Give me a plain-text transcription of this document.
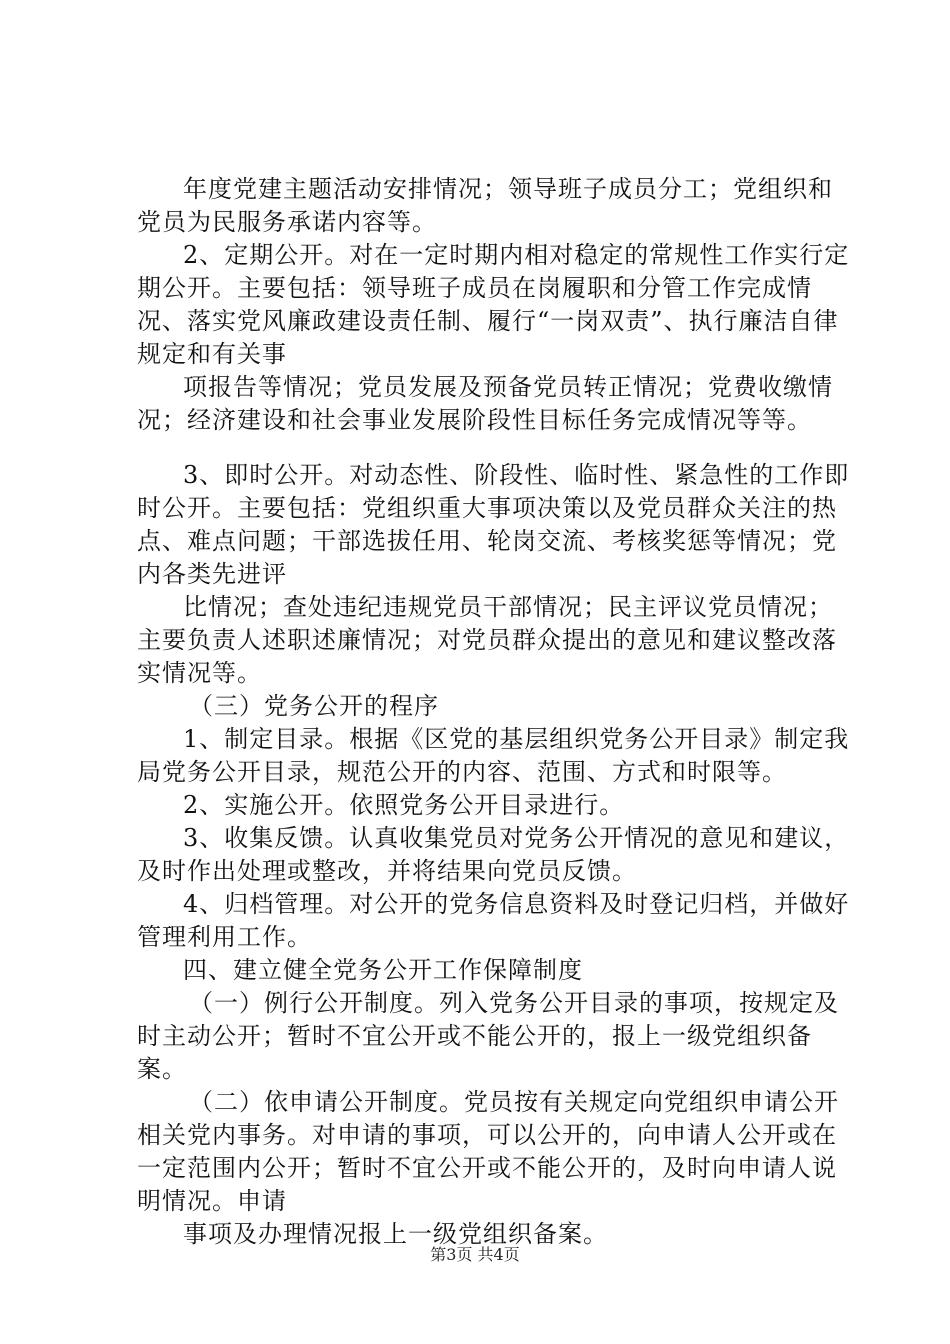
年度党建主题活动安排情况；领导班子成员分工；党组织和党员为民服务承诺内容等。

2、定期公开。对在一定时期内相对稳定的常规性工作实行定期公开。主要包括：领导班子成员在岗履职和分管工作完成情况、落实党风廉政建设责任制、履行“一岗双责”、执行廉洁自律规定和有关事

项报告等情况；党员发展及预备党员转正情况；党费收缴情况；经济建设和社会事业发展阶段性目标任务完成情况等等。

3、即时公开。对动态性、阶段性、临时性、紧急性的工作即时公开。主要包括：党组织重大事项决策以及党员群众关注的热点、难点问题；干部选拔任用、轮岗交流、考核奖惩等情况；党内各类先进评

比情况；查处违纪违规党员干部情况；民主评议党员情况；主要负责人述职述廉情况；对党员群众提出的意见和建议整改落实情况等。

（三）党务公开的程序

1、制定目录。根据《区党的基层组织党务公开目录》制定我局党务公开目录，规范公开的内容、范围、方式和时限等。

2、实施公开。依照党务公开目录进行。

3、收集反馈。认真收集党员对党务公开情况的意见和建议，及时作出处理或整改，并将结果向党员反馈。

4、归档管理。对公开的党务信息资料及时登记归档，并做好管理利用工作。

四、建立健全党务公开工作保障制度

（一）例行公开制度。列入党务公开目录的事项，按规定及时主动公开；暂时不宜公开或不能公开的，报上一级党组织备案。

（二）依申请公开制度。党员按有关规定向党组织申请公开相关党内事务。对申请的事项，可以公开的，向申请人公开或在一定范围内公开；暂时不宜公开或不能公开的，及时向申请人说明情况。申请

事项及办理情况报上一级党组织备案。

第3页 共4页
